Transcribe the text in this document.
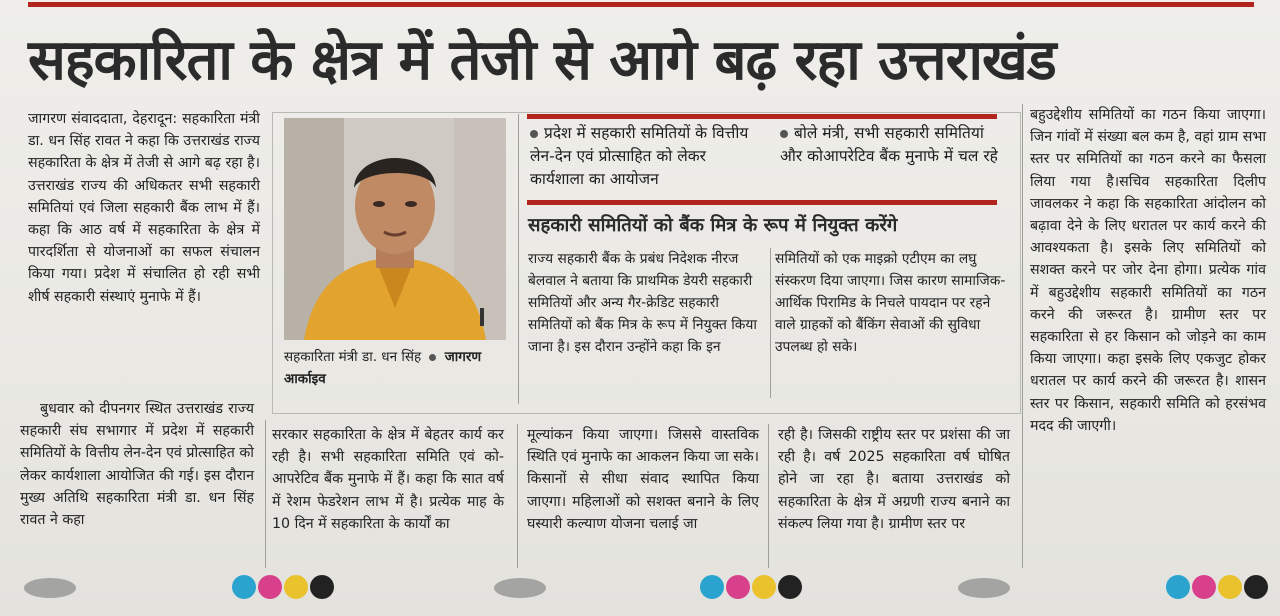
सहकारिता के क्षेत्र में तेजी से आगे बढ़ रहा उत्तराखंड

जागरण संवाददाता, देहरादून: सहकारिता मंत्री डा. धन सिंह रावत ने कहा कि उत्तराखंड राज्य सहकारिता के क्षेत्र में तेजी से आगे बढ़ रहा है। उत्तराखंड राज्य की अधिकतर सभी सहकारी समितियां एवं जिला सहकारी बैंक लाभ में हैं। कहा कि आठ वर्ष में सहकारिता के क्षेत्र में पारदर्शिता से योजनाओं का सफल संचालन किया गया। प्रदेश में संचालित हो रही सभी शीर्ष सहकारी संस्थाएं मुनाफे में हैं।

बुधवार को दीपनगर स्थित उत्तराखंड राज्य सहकारी संघ सभागार में प्रदेश में सहकारी समितियों के वित्तीय लेन-देन एवं प्रोत्साहित को लेकर कार्यशाला आयोजित की गई। इस दौरान मुख्य अतिथि सहकारिता मंत्री डा. धन सिंह रावत ने कहा

सहकारिता मंत्री डा. धन सिंह जागरण आर्काइव
प्रदेश में सहकारी समितियों के वित्तीय लेन-देन एवं प्रोत्साहित को लेकर कार्यशाला का आयोजन
बोले मंत्री, सभी सहकारी समितियां और कोआपरेटिव बैंक मुनाफे में चल रहे
सहकारी समितियों को बैंक मित्र के रूप में नियुक्त करेंगे
राज्य सहकारी बैंक के प्रबंध निदेशक नीरज बेलवाल ने बताया कि प्राथमिक डेयरी सहकारी समितियों और अन्य गैर-क्रेडिट सहकारी समितियों को बैंक मित्र के रूप में नियुक्त किया जाना है। इस दौरान उन्होंने कहा कि इन
समितियों को एक माइक्रो एटीएम का लघु संस्करण दिया जाएगा। जिस कारण सामाजिक-आर्थिक पिरामिड के निचले पायदान पर रहने वाले ग्राहकों को बैंकिंग सेवाओं की सुविधा उपलब्ध हो सके।
सरकार सहकारिता के क्षेत्र में बेहतर कार्य कर रही है। सभी सहकारिता समिति एवं को-आपरेटिव बैंक मुनाफे में हैं। कहा कि सात वर्ष में रेशम फेडरेशन लाभ में है। प्रत्येक माह के 10 दिन में सहकारिता के कार्यों का
मूल्यांकन किया जाएगा। जिससे वास्तविक स्थिति एवं मुनाफे का आकलन किया जा सके। किसानों से सीधा संवाद स्थापित किया जाएगा। महिलाओं को सशक्त बनाने के लिए घस्यारी कल्याण योजना चलाई जा
रही है। जिसकी राष्ट्रीय स्तर पर प्रशंसा की जा रही है। वर्ष 2025 सहकारिता वर्ष घोषित होने जा रहा है। बताया उत्तराखंड को सहकारिता के क्षेत्र में अग्रणी राज्य बनाने का संकल्प लिया गया है। ग्रामीण स्तर पर
बहुउद्देशीय समितियों का गठन किया जाएगा। जिन गांवों में संख्या बल कम है, वहां ग्राम सभा स्तर पर समितियों का गठन करने का फैसला लिया गया है।सचिव सहकारिता दिलीप जावलकर ने कहा कि सहकारिता आंदोलन को बढ़ावा देने के लिए धरातल पर कार्य करने की आवश्यकता है। इसके लिए समितियों को सशक्त करने पर जोर देना होगा। प्रत्येक गांव में बहुउद्देशीय सहकारी समितियों का गठन करने की जरूरत है। ग्रामीण स्तर पर सहकारिता से हर किसान को जोड़ने का काम किया जाएगा। कहा इसके लिए एकजुट होकर धरातल पर कार्य करने की जरूरत है। शासन स्तर पर किसान, सहकारी समिति को हरसंभव मदद की जाएगी।
